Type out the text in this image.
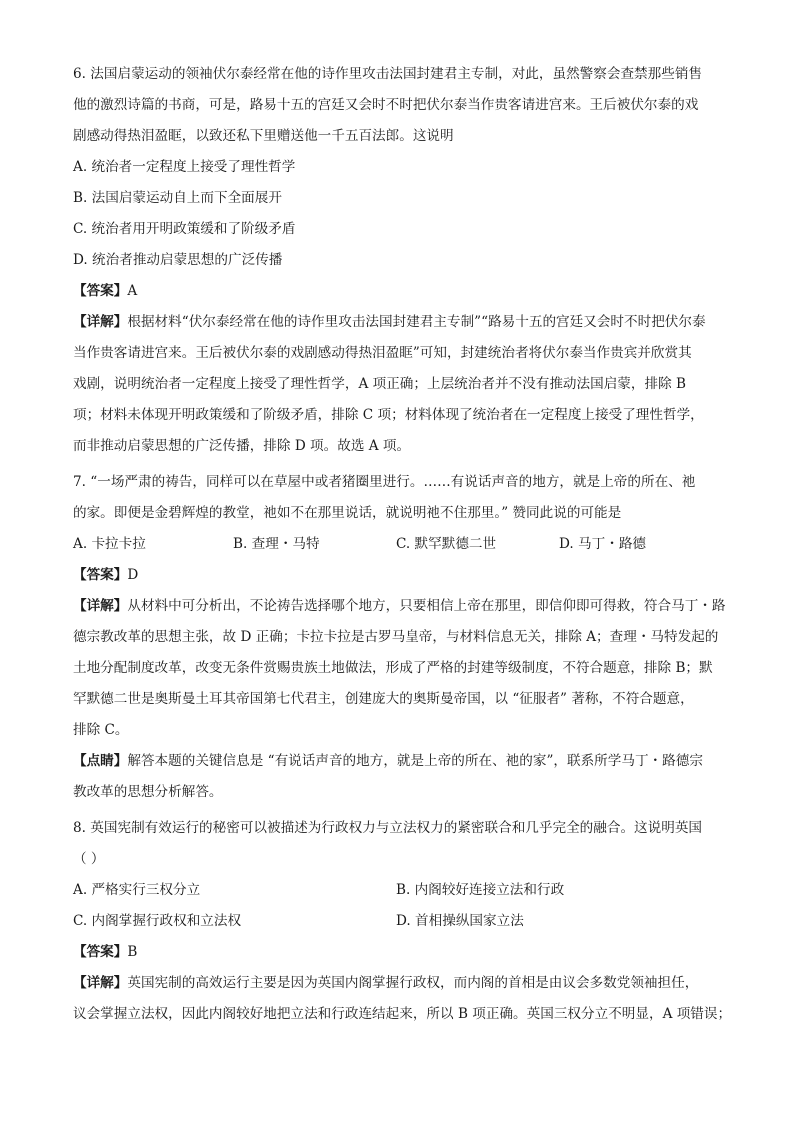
6. 法国启蒙运动的领袖伏尔泰经常在他的诗作里攻击法国封建君主专制，对此，虽然警察会查禁那些销售
他的激烈诗篇的书商，可是，路易十五的宫廷又会时不时把伏尔泰当作贵客请进宫来。王后被伏尔泰的戏
剧感动得热泪盈眶，以致还私下里赠送他一千五百法郎。这说明
A. 统治者一定程度上接受了理性哲学
B. 法国启蒙运动自上而下全面展开
C. 统治者用开明政策缓和了阶级矛盾
D. 统治者推动启蒙思想的广泛传播
【答案】A
【详解】根据材料“伏尔泰经常在他的诗作里攻击法国封建君主专制”“路易十五的宫廷又会时不时把伏尔泰
当作贵客请进宫来。王后被伏尔泰的戏剧感动得热泪盈眶”可知，封建统治者将伏尔泰当作贵宾并欣赏其
戏剧，说明统治者一定程度上接受了理性哲学，A 项正确；上层统治者并不没有推动法国启蒙，排除 B
项；材料未体现开明政策缓和了阶级矛盾，排除 C 项；材料体现了统治者在一定程度上接受了理性哲学，
而非推动启蒙思想的广泛传播，排除 D 项。故选 A 项。
7. “一场严肃的祷告，同样可以在草屋中或者猪圈里进行。……有说话声音的地方，就是上帝的所在、祂
的家。即便是金碧辉煌的教堂，祂如不在那里说话，就说明祂不住那里。” 赞同此说的可能是
A. 卡拉卡拉	B. 查理・马特	C. 默罕默德二世	D. 马丁・路德
【答案】D
【详解】从材料中可分析出，不论祷告选择哪个地方，只要相信上帝在那里，即信仰即可得救，符合马丁・路
德宗教改革的思想主张，故 D 正确；卡拉卡拉是古罗马皇帝，与材料信息无关，排除 A；查理・马特发起的
土地分配制度改革，改变无条件赏赐贵族土地做法，形成了严格的封建等级制度，不符合题意，排除 B；默
罕默德二世是奥斯曼土耳其帝国第七代君主，创建庞大的奥斯曼帝国，以 “征服者” 著称，不符合题意，
排除 C。
【点睛】解答本题的关键信息是 “有说话声音的地方，就是上帝的所在、祂的家”，联系所学马丁・路德宗
教改革的思想分析解答。
8. 英国宪制有效运行的秘密可以被描述为行政权力与立法权力的紧密联合和几乎完全的融合。这说明英国
（ ）
A. 严格实行三权分立	B. 内阁较好连接立法和行政
C. 内阁掌握行政权和立法权	D. 首相操纵国家立法
【答案】B
【详解】英国宪制的高效运行主要是因为英国内阁掌握行政权，而内阁的首相是由议会多数党领袖担任，
议会掌握立法权，因此内阁较好地把立法和行政连结起来，所以 B 项正确。英国三权分立不明显，A 项错误；
